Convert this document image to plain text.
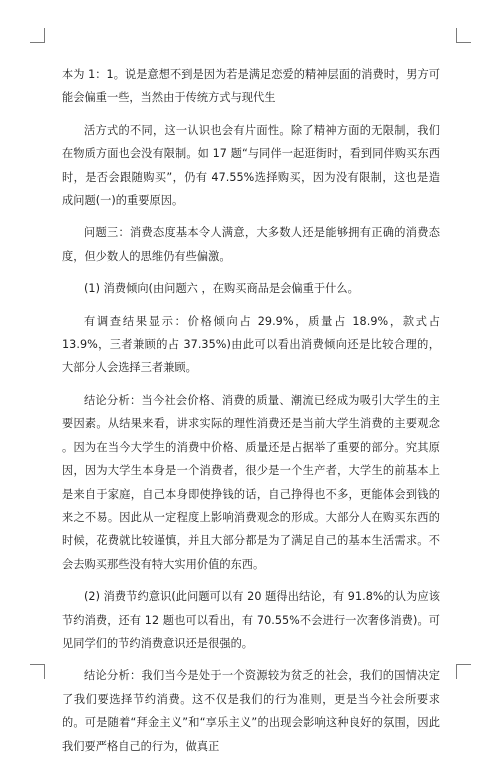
本为 1：1。说是意想不到是因为若是满足恋爱的精神层面的消费时，男方可能会偏重一些，当然由于传统方式与现代生

活方式的不同，这一认识也会有片面性。除了精神方面的无限制，我们在物质方面也会没有限制。如 17 题“与同伴一起逛街时，看到同伴购买东西时，是否会跟随购买”，仍有 47.55%选择购买，因为没有限制，这也是造成问题(一)的重要原因。

问题三：消费态度基本令人满意，大多数人还是能够拥有正确的消费态度，但少数人的思维仍有些偏激。

(1) 消费倾向(由问题六 ，在购买商品是会偏重于什么。

有调查结果显示：价格倾向占 29.9%，质量占 18.9%，款式占 13.9%，三者兼顾的占 37.35%)由此可以看出消费倾向还是比较合理的，大部分人会选择三者兼顾。

结论分析：当今社会价格、消费的质量、潮流已经成为吸引大学生的主要因素。从结果来看，讲求实际的理性消费还是当前大学生消费的主要观念 。因为在当今大学生的消费中价格、质量还是占据举了重要的部分。究其原因，因为大学生本身是一个消费者，很少是一个生产者，大学生的前基本上是来自于家庭，自己本身即使挣钱的话，自己挣得也不多，更能体会到钱的来之不易。因此从一定程度上影响消费观念的形成。大部分人在购买东西的时候，花费就比较谨慎，并且大部分都是为了满足自己的基本生活需求。不会去购买那些没有特大实用价值的东西。

(2) 消费节约意识(此问题可以有 20 题得出结论，有 91.8%的认为应该节约消费，还有 12 题也可以看出，有 70.55%不会进行一次奢侈消费)。可见同学们的节约消费意识还是很强的。

结论分析：我们当今是处于一个资源较为贫乏的社会，我们的国情决定了我们要选择节约消费。这不仅是我们的行为准则，更是当今社会所要求的。可是随着“拜金主义”和“享乐主义”的出现会影响这种良好的氛围，因此我们要严格自己的行为，做真正
